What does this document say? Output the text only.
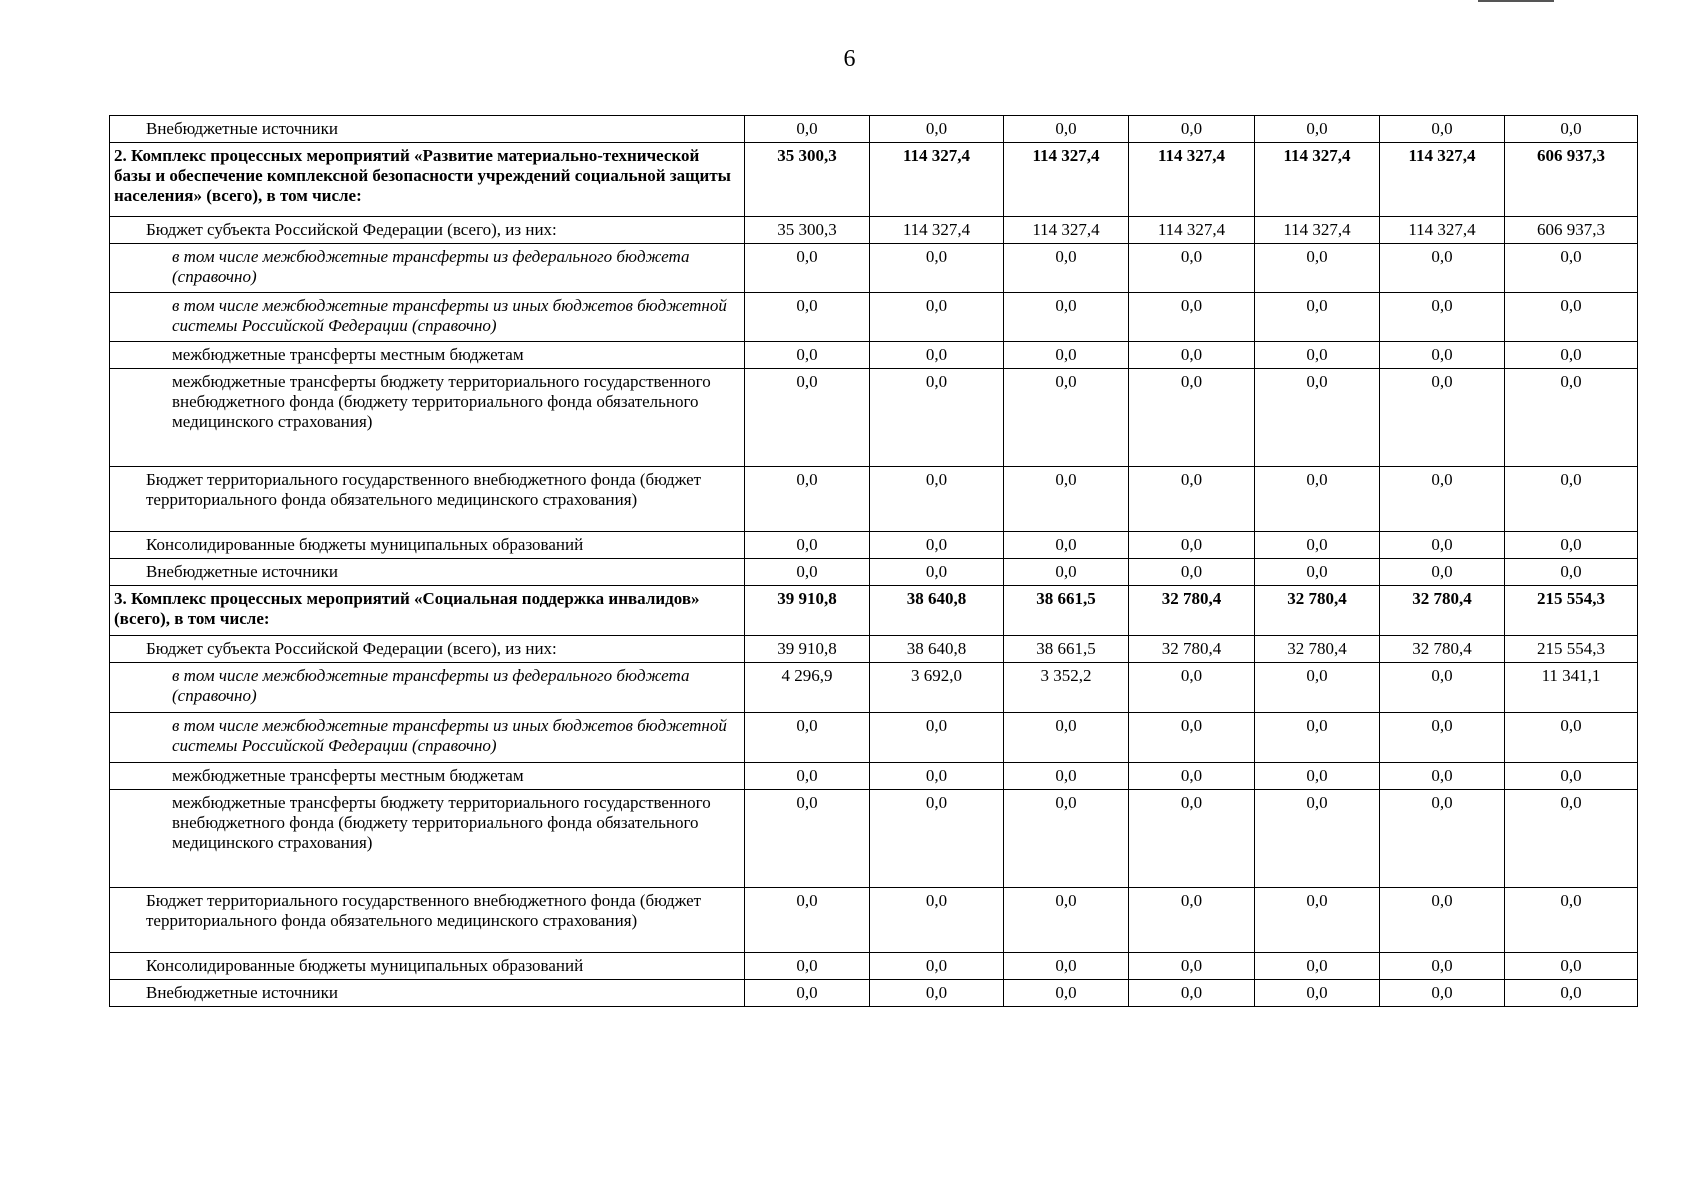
6
Внебюджетные источники	0,0	0,0	0,0	0,0	0,0	0,0	0,0
2. Комплекс процессных мероприятий «Развитие материально-технической базы и обеспечение комплексной безопасности учреждений социальной защиты населения» (всего), в том числе:	35 300,3	114 327,4	114 327,4	114 327,4	114 327,4	114 327,4	606 937,3
Бюджет субъекта Российской Федерации (всего), из них:	35 300,3	114 327,4	114 327,4	114 327,4	114 327,4	114 327,4	606 937,3
в том числе межбюджетные трансферты из федерального бюджета (справочно)	0,0	0,0	0,0	0,0	0,0	0,0	0,0
в том числе межбюджетные трансферты из иных бюджетов бюджетной системы Российской Федерации (справочно)	0,0	0,0	0,0	0,0	0,0	0,0	0,0
межбюджетные трансферты местным бюджетам	0,0	0,0	0,0	0,0	0,0	0,0	0,0
межбюджетные трансферты бюджету территориального государственного внебюджетного фонда (бюджету территориального фонда обязательного медицинского страхования)	0,0	0,0	0,0	0,0	0,0	0,0	0,0
Бюджет территориального государственного внебюджетного фонда (бюджет территориального фонда обязательного медицинского страхования)	0,0	0,0	0,0	0,0	0,0	0,0	0,0
Консолидированные бюджеты муниципальных образований	0,0	0,0	0,0	0,0	0,0	0,0	0,0
Внебюджетные источники	0,0	0,0	0,0	0,0	0,0	0,0	0,0
3. Комплекс процессных мероприятий «Социальная поддержка инвалидов» (всего), в том числе:	39 910,8	38 640,8	38 661,5	32 780,4	32 780,4	32 780,4	215 554,3
Бюджет субъекта Российской Федерации (всего), из них:	39 910,8	38 640,8	38 661,5	32 780,4	32 780,4	32 780,4	215 554,3
в том числе межбюджетные трансферты из федерального бюджета (справочно)	4 296,9	3 692,0	3 352,2	0,0	0,0	0,0	11 341,1
в том числе межбюджетные трансферты из иных бюджетов бюджетной системы Российской Федерации (справочно)	0,0	0,0	0,0	0,0	0,0	0,0	0,0
межбюджетные трансферты местным бюджетам	0,0	0,0	0,0	0,0	0,0	0,0	0,0
межбюджетные трансферты бюджету территориального государственного внебюджетного фонда (бюджету территориального фонда обязательного медицинского страхования)	0,0	0,0	0,0	0,0	0,0	0,0	0,0
Бюджет территориального государственного внебюджетного фонда (бюджет территориального фонда обязательного медицинского страхования)	0,0	0,0	0,0	0,0	0,0	0,0	0,0
Консолидированные бюджеты муниципальных образований	0,0	0,0	0,0	0,0	0,0	0,0	0,0
Внебюджетные источники	0,0	0,0	0,0	0,0	0,0	0,0	0,0
